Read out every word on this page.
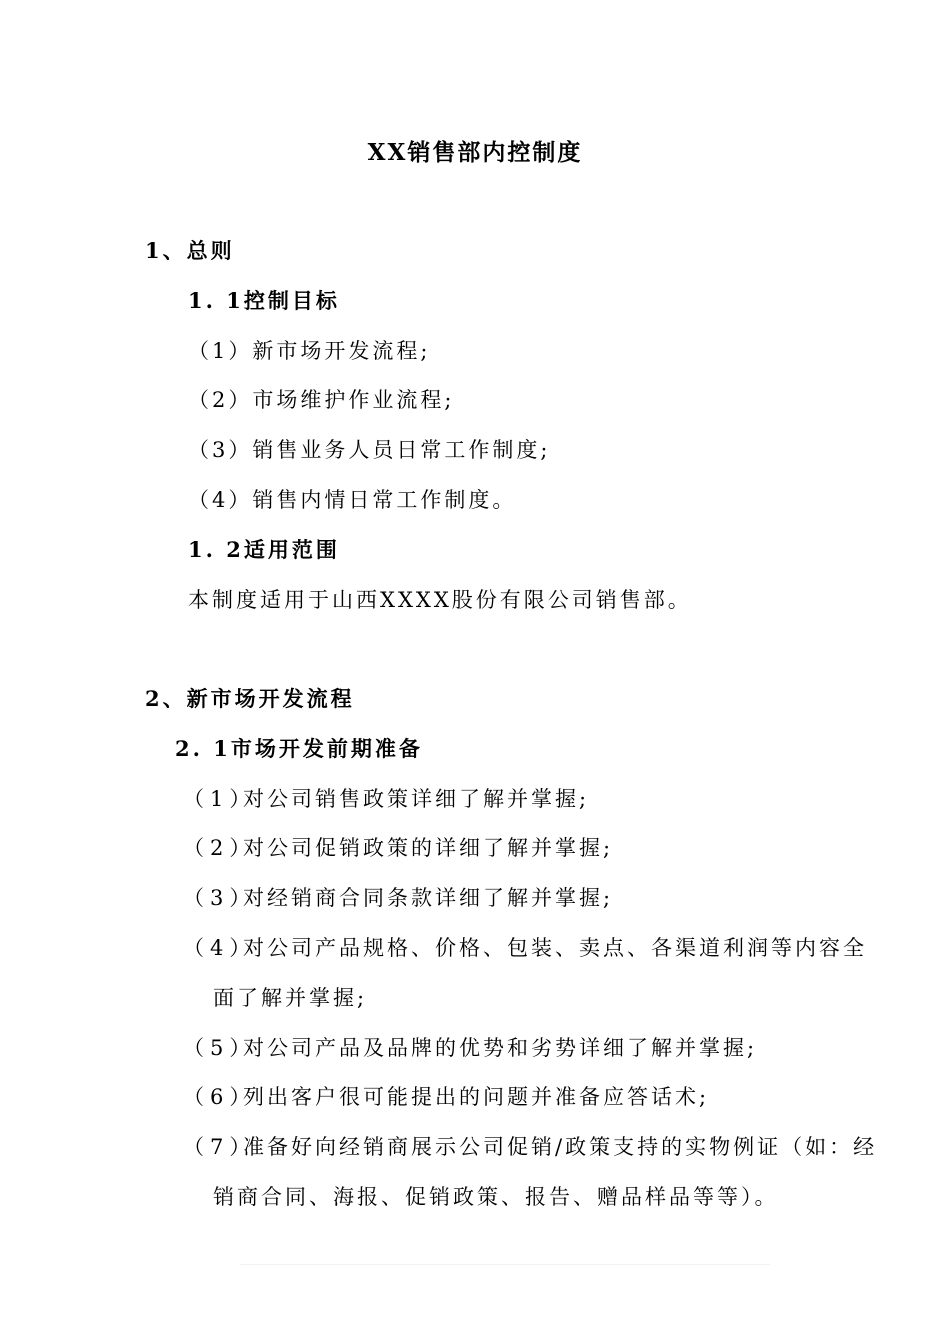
XX销售部内控制度
1、总则
1. 1控制目标
（1）新市场开发流程;
（2）市场维护作业流程;
（3）销售业务人员日常工作制度;
（4）销售内情日常工作制度。
1. 2适用范围
本制度适用于山西XXXX股份有限公司销售部。
2、新市场开发流程
2. 1市场开发前期准备
（1）对公司销售政策详细了解并掌握;
（2）对公司促销政策的详细了解并掌握;
（3）对经销商合同条款详细了解并掌握;
（4）对公司产品规格、价格、包装、卖点、各渠道利润等内容全
面了解并掌握;
（5）对公司产品及品牌的优势和劣势详细了解并掌握;
（6）列出客户很可能提出的问题并准备应答话术;
（7）准备好向经销商展示公司促销/政策支持的实物例证（如：经
销商合同、海报、促销政策、报告、赠品样品等等）。
